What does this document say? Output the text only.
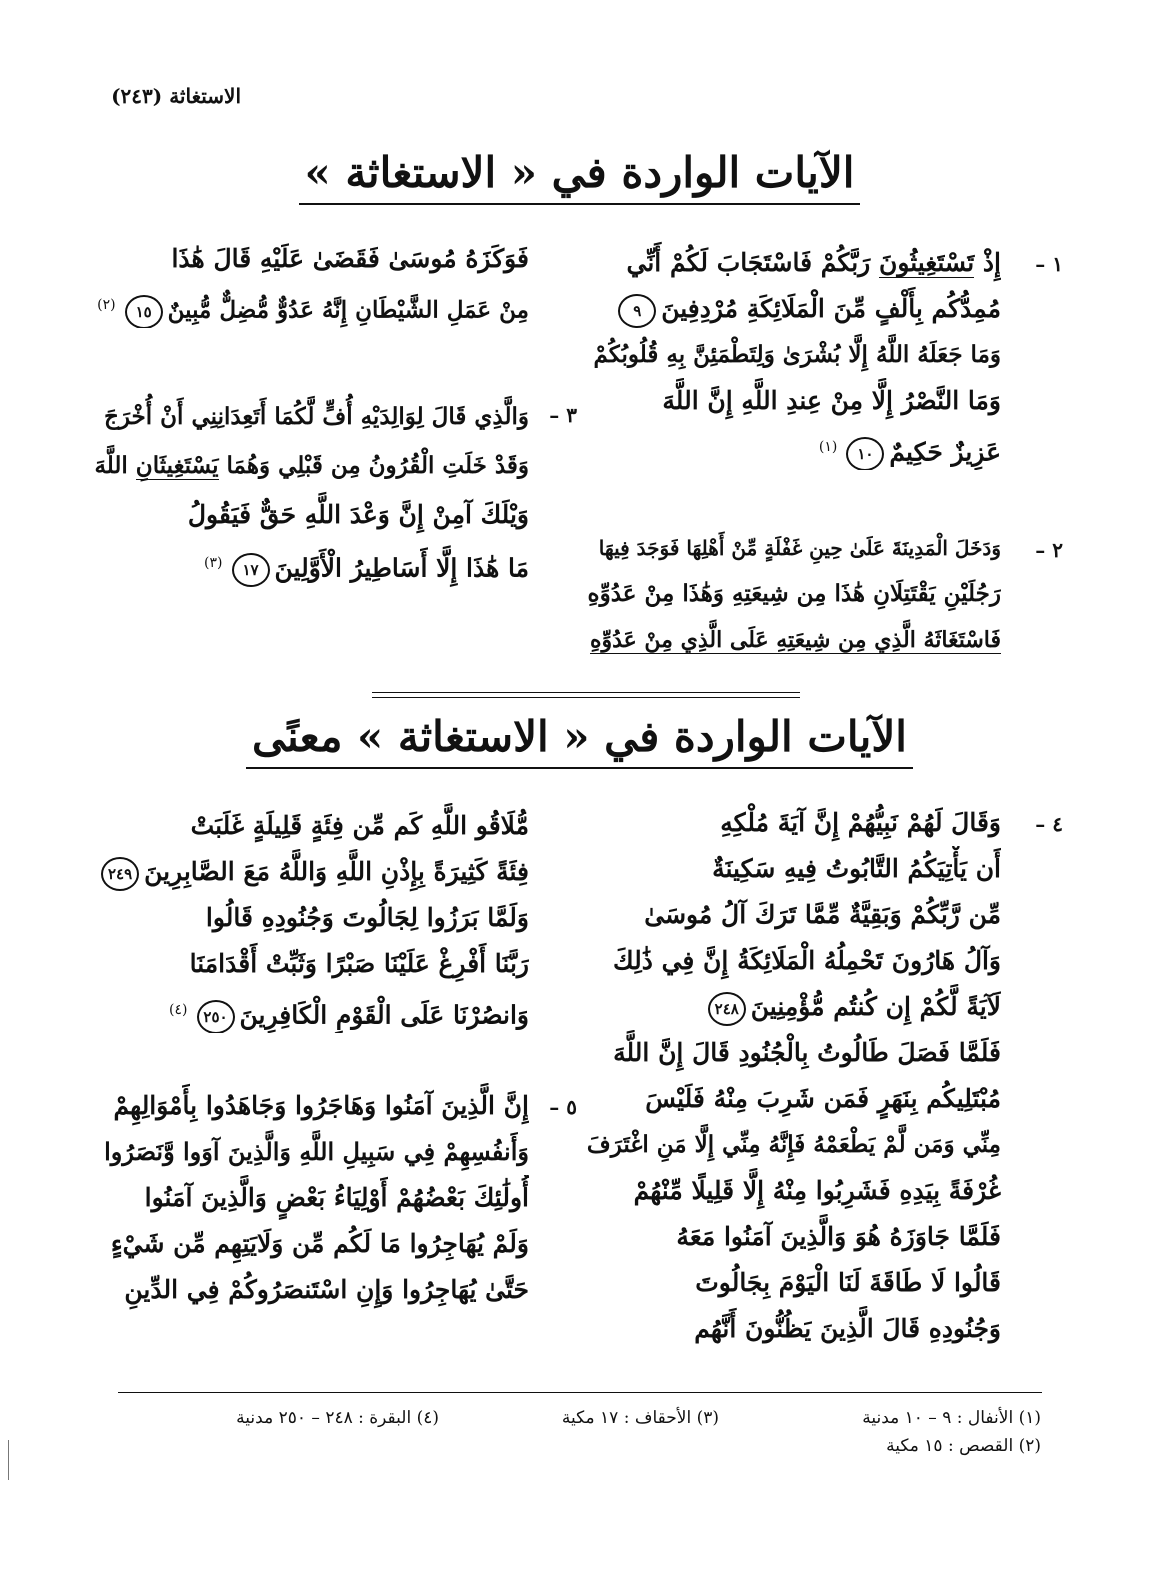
الاستغاثة (٢٤٣)
الآيات الواردة في « الاستغاثة »
إِذْ تَسْتَغِيثُونَ رَبَّكُمْ فَاسْتَجَابَ لَكُمْ أَنِّي
مُمِدُّكُم بِأَلْفٍ مِّنَ الْمَلَائِكَةِ مُرْدِفِينَ٩
وَمَا جَعَلَهُ اللَّهُ إِلَّا بُشْرَىٰ وَلِتَطْمَئِنَّ بِهِ قُلُوبُكُمْ
وَمَا النَّصْرُ إِلَّا مِنْ عِندِ اللَّهِ إِنَّ اللَّهَ
عَزِيزٌ حَكِيمٌ١٠$^{(١)}$
١ –
وَدَخَلَ الْمَدِينَةَ عَلَىٰ حِينِ غَفْلَةٍ مِّنْ أَهْلِهَا فَوَجَدَ فِيهَا
رَجُلَيْنِ يَقْتَتِلَانِ هَٰذَا مِن شِيعَتِهِ وَهَٰذَا مِنْ عَدُوِّهِ
فَاسْتَغَاثَهُ الَّذِي مِن شِيعَتِهِ عَلَى الَّذِي مِنْ عَدُوِّهِ
٢ –
فَوَكَزَهُ مُوسَىٰ فَقَضَىٰ عَلَيْهِ قَالَ هَٰذَا
مِنْ عَمَلِ الشَّيْطَانِ إِنَّهُ عَدُوٌّ مُّضِلٌّ مُّبِينٌ١٥$^{(٢)}$
وَالَّذِي قَالَ لِوَالِدَيْهِ أُفٍّ لَّكُمَا أَتَعِدَانِنِي أَنْ أُخْرَجَ
وَقَدْ خَلَتِ الْقُرُونُ مِن قَبْلِي وَهُمَا يَسْتَغِيثَانِ اللَّهَ
وَيْلَكَ آمِنْ إِنَّ وَعْدَ اللَّهِ حَقٌّ فَيَقُولُ
مَا هَٰذَا إِلَّا أَسَاطِيرُ الْأَوَّلِينَ١٧$^{(٣)}$
٣ –
الآيات الواردة في « الاستغاثة » معنًى
وَقَالَ لَهُمْ نَبِيُّهُمْ إِنَّ آيَةَ مُلْكِهِ
أَن يَأْتِيَكُمُ التَّابُوتُ فِيهِ سَكِينَةٌ
مِّن رَّبِّكُمْ وَبَقِيَّةٌ مِّمَّا تَرَكَ آلُ مُوسَىٰ
وَآلُ هَارُونَ تَحْمِلُهُ الْمَلَائِكَةُ إِنَّ فِي ذَٰلِكَ
لَآيَةً لَّكُمْ إِن كُنتُم مُّؤْمِنِينَ٢٤٨
فَلَمَّا فَصَلَ طَالُوتُ بِالْجُنُودِ قَالَ إِنَّ اللَّهَ
مُبْتَلِيكُم بِنَهَرٍ فَمَن شَرِبَ مِنْهُ فَلَيْسَ
مِنِّي وَمَن لَّمْ يَطْعَمْهُ فَإِنَّهُ مِنِّي إِلَّا مَنِ اغْتَرَفَ
غُرْفَةً بِيَدِهِ فَشَرِبُوا مِنْهُ إِلَّا قَلِيلًا مِّنْهُمْ
فَلَمَّا جَاوَزَهُ هُوَ وَالَّذِينَ آمَنُوا مَعَهُ
قَالُوا لَا طَاقَةَ لَنَا الْيَوْمَ بِجَالُوتَ
وَجُنُودِهِ قَالَ الَّذِينَ يَظُنُّونَ أَنَّهُم
٤ –
مُّلَاقُو اللَّهِ كَم مِّن فِئَةٍ قَلِيلَةٍ غَلَبَتْ
فِئَةً كَثِيرَةً بِإِذْنِ اللَّهِ وَاللَّهُ مَعَ الصَّابِرِينَ٢٤٩
وَلَمَّا بَرَزُوا لِجَالُوتَ وَجُنُودِهِ قَالُوا
رَبَّنَا أَفْرِغْ عَلَيْنَا صَبْرًا وَثَبِّتْ أَقْدَامَنَا
وَانصُرْنَا عَلَى الْقَوْمِ الْكَافِرِينَ٢٥٠$^{(٤)}$
إِنَّ الَّذِينَ آمَنُوا وَهَاجَرُوا وَجَاهَدُوا بِأَمْوَالِهِمْ
وَأَنفُسِهِمْ فِي سَبِيلِ اللَّهِ وَالَّذِينَ آوَوا وَّنَصَرُوا
أُولَٰئِكَ بَعْضُهُمْ أَوْلِيَاءُ بَعْضٍ وَالَّذِينَ آمَنُوا
وَلَمْ يُهَاجِرُوا مَا لَكُم مِّن وَلَايَتِهِم مِّن شَيْءٍ
حَتَّىٰ يُهَاجِرُوا وَإِنِ اسْتَنصَرُوكُمْ فِي الدِّينِ
٥ –
(١) الأنفال : ٩ – ١٠ مدنية
(٢) القصص : ١٥ مكية
(٣) الأحقاف : ١٧ مكية
(٤) البقرة : ٢٤٨ – ٢٥٠ مدنية
